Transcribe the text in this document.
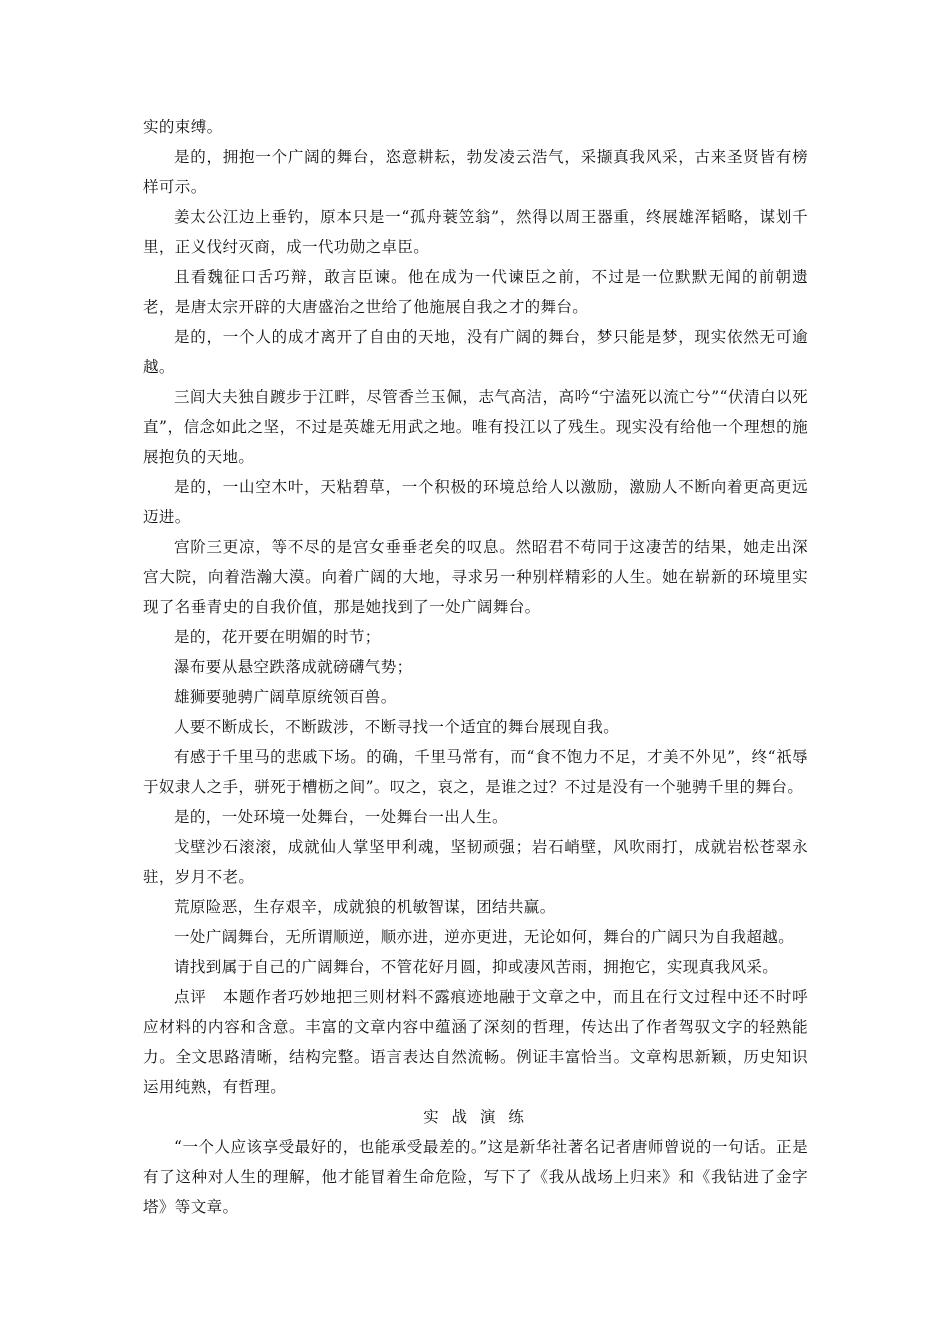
实的束缚。

是的，拥抱一个广阔的舞台，恣意耕耘，勃发凌云浩气，采撷真我风采，古来圣贤皆有榜样可示。

姜太公江边上垂钓，原本只是一“孤舟蓑笠翁”，然得以周王器重，终展雄浑韬略，谋划千里，正义伐纣灭商，成一代功勋之卓臣。

且看魏征口舌巧辩，敢言臣谏。他在成为一代谏臣之前，不过是一位默默无闻的前朝遗老，是唐太宗开辟的大唐盛治之世给了他施展自我之才的舞台。

是的，一个人的成才离开了自由的天地，没有广阔的舞台，梦只能是梦，现实依然无可逾越。

三闾大夫独自踱步于江畔，尽管香兰玉佩，志气高洁，高吟“宁溘死以流亡兮”“伏清白以死直”，信念如此之坚，不过是英雄无用武之地。唯有投江以了残生。现实没有给他一个理想的施展抱负的天地。

是的，一山空木叶，天粘碧草，一个积极的环境总给人以激励，激励人不断向着更高更远迈进。

宫阶三更凉，等不尽的是宫女垂垂老矣的叹息。然昭君不苟同于这凄苦的结果，她走出深宫大院，向着浩瀚大漠。向着广阔的大地，寻求另一种别样精彩的人生。她在崭新的环境里实现了名垂青史的自我价值，那是她找到了一处广阔舞台。

是的，花开要在明媚的时节；

瀑布要从悬空跌落成就磅礴气势；

雄狮要驰骋广阔草原统领百兽。

人要不断成长，不断跋涉，不断寻找一个适宜的舞台展现自我。

有感于千里马的悲戚下场。的确，千里马常有，而“食不饱力不足，才美不外见”，终“祇辱于奴隶人之手，骈死于槽枥之间”。叹之，哀之，是谁之过？不过是没有一个驰骋千里的舞台。

是的，一处环境一处舞台，一处舞台一出人生。

戈壁沙石滚滚，成就仙人掌坚甲利魂，坚韧顽强；岩石峭壁，风吹雨打，成就岩松苍翠永驻，岁月不老。

荒原险恶，生存艰辛，成就狼的机敏智谋，团结共赢。

一处广阔舞台，无所谓顺逆，顺亦进，逆亦更进，无论如何，舞台的广阔只为自我超越。

请找到属于自己的广阔舞台，不管花好月圆，抑或凄风苦雨，拥抱它，实现真我风采。

点评　本题作者巧妙地把三则材料不露痕迹地融于文章之中，而且在行文过程中还不时呼应材料的内容和含意。丰富的文章内容中蕴涵了深刻的哲理，传达出了作者驾驭文字的轻熟能力。全文思路清晰，结构完整。语言表达自然流畅。例证丰富恰当。文章构思新颖，历史知识运用纯熟，有哲理。

实 战 演 练

“一个人应该享受最好的，也能承受最差的。”这是新华社著名记者唐师曾说的一句话。正是有了这种对人生的理解，他才能冒着生命危险，写下了《我从战场上归来》和《我钻进了金字塔》等文章。
